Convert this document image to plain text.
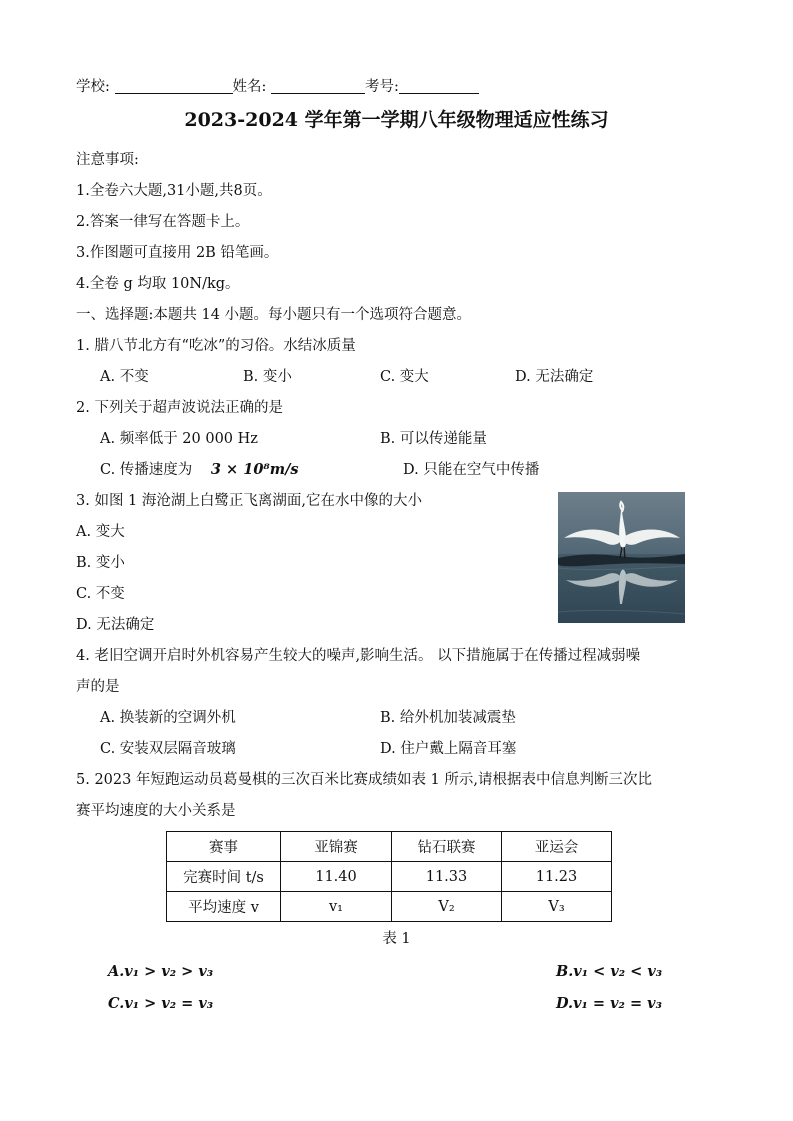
学校:	姓名:	考号:
2023-2024 学年第一学期八年级物理适应性练习
注意事项:
1.全卷六大题,31小题,共8页。
2.答案一律写在答题卡上。
3.作图题可直接用 2B 铅笔画。
4.全卷 g 均取 10N/kg。
一、选择题:本题共 14 小题。每小题只有一个选项符合题意。
1. 腊八节北方有“吃冰”的习俗。水结冰质量
A. 不变	B. 变小	C. 变大	D. 无法确定
2. 下列关于超声波说法正确的是
A. 频率低于 20 000 Hz	B. 可以传递能量
C. 传播速度为 3 × 10⁸m/s	D. 只能在空气中传播
3. 如图 1 海沧湖上白鹭正飞离湖面,它在水中像的大小
A. 变大
B. 变小
C. 不变
D. 无法确定
4. 老旧空调开启时外机容易产生较大的噪声,影响生活。 以下措施属于在传播过程减弱噪
声的是
A. 换装新的空调外机	B. 给外机加装减震垫
C. 安装双层隔音玻璃	D. 住户戴上隔音耳塞
5. 2023 年短跑运动员葛曼棋的三次百米比赛成绩如表 1 所示,请根据表中信息判断三次比
赛平均速度的大小关系是
赛事	亚锦赛	钻石联赛	亚运会
完赛时间 t/s	11.40	11.33	11.23
平均速度 v	v₁	V₂	V₃
表 1
A.v₁ > v₂ > v₃	B.v₁ < v₂ < v₃
C.v₁ > v₂ = v₃	D.v₁ = v₂ = v₃
